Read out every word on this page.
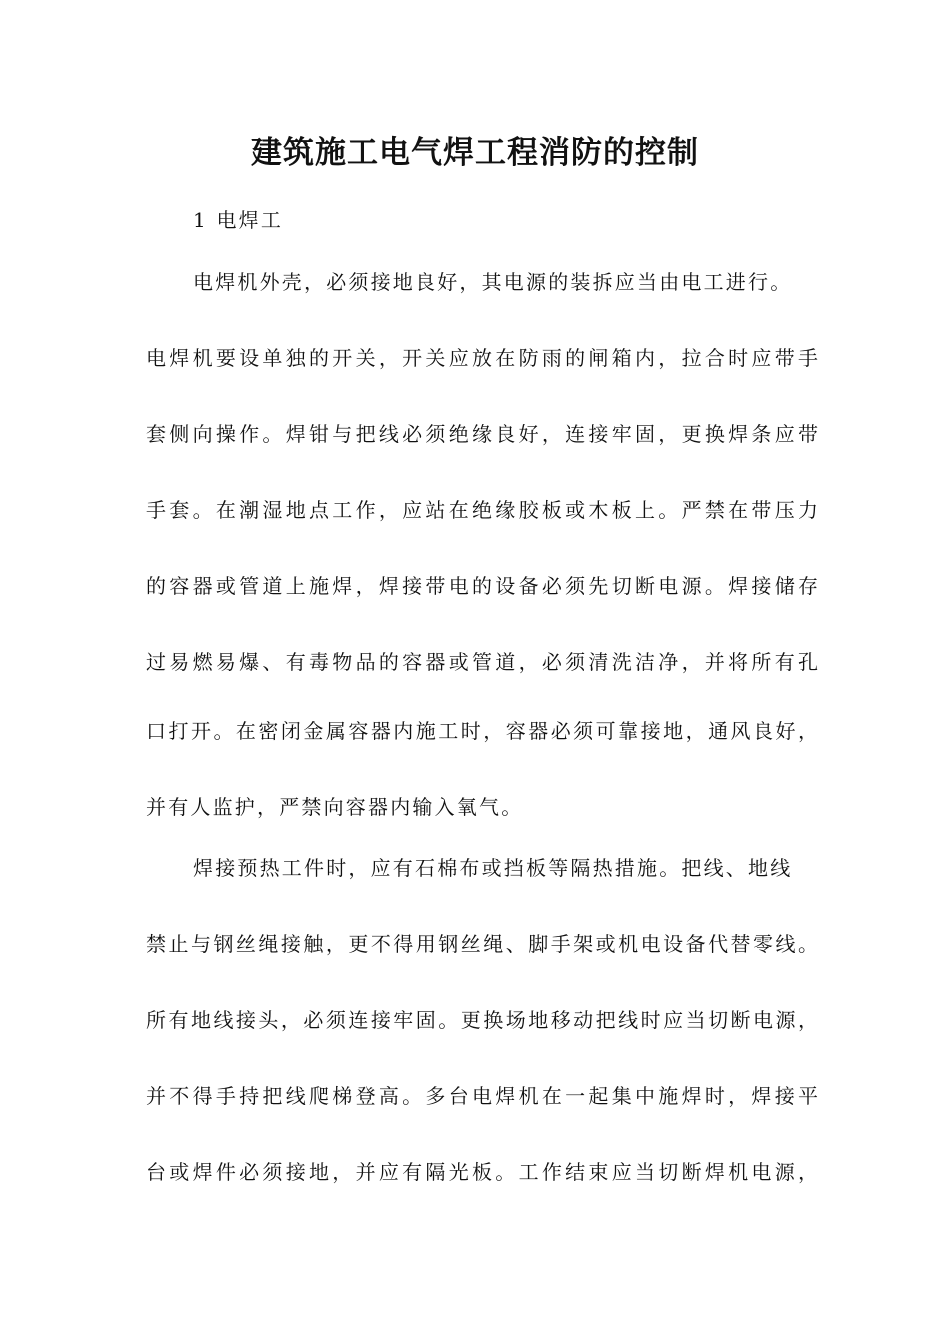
建筑施工电气焊工程消防的控制
1 电焊工
电焊机外壳，必须接地良好，其电源的装拆应当由电工进行。
电焊机要设单独的开关，开关应放在防雨的闸箱内，拉合时应带手
套侧向操作。焊钳与把线必须绝缘良好，连接牢固，更换焊条应带
手套。在潮湿地点工作，应站在绝缘胶板或木板上。严禁在带压力
的容器或管道上施焊，焊接带电的设备必须先切断电源。焊接储存
过易燃易爆、有毒物品的容器或管道，必须清洗洁净，并将所有孔
口打开。在密闭金属容器内施工时，容器必须可靠接地，通风良好，
并有人监护，严禁向容器内输入氧气。
焊接预热工件时，应有石棉布或挡板等隔热措施。把线、地线
禁止与钢丝绳接触，更不得用钢丝绳、脚手架或机电设备代替零线。
所有地线接头，必须连接牢固。更换场地移动把线时应当切断电源，
并不得手持把线爬梯登高。多台电焊机在一起集中施焊时，焊接平
台或焊件必须接地，并应有隔光板。工作结束应当切断焊机电源，
